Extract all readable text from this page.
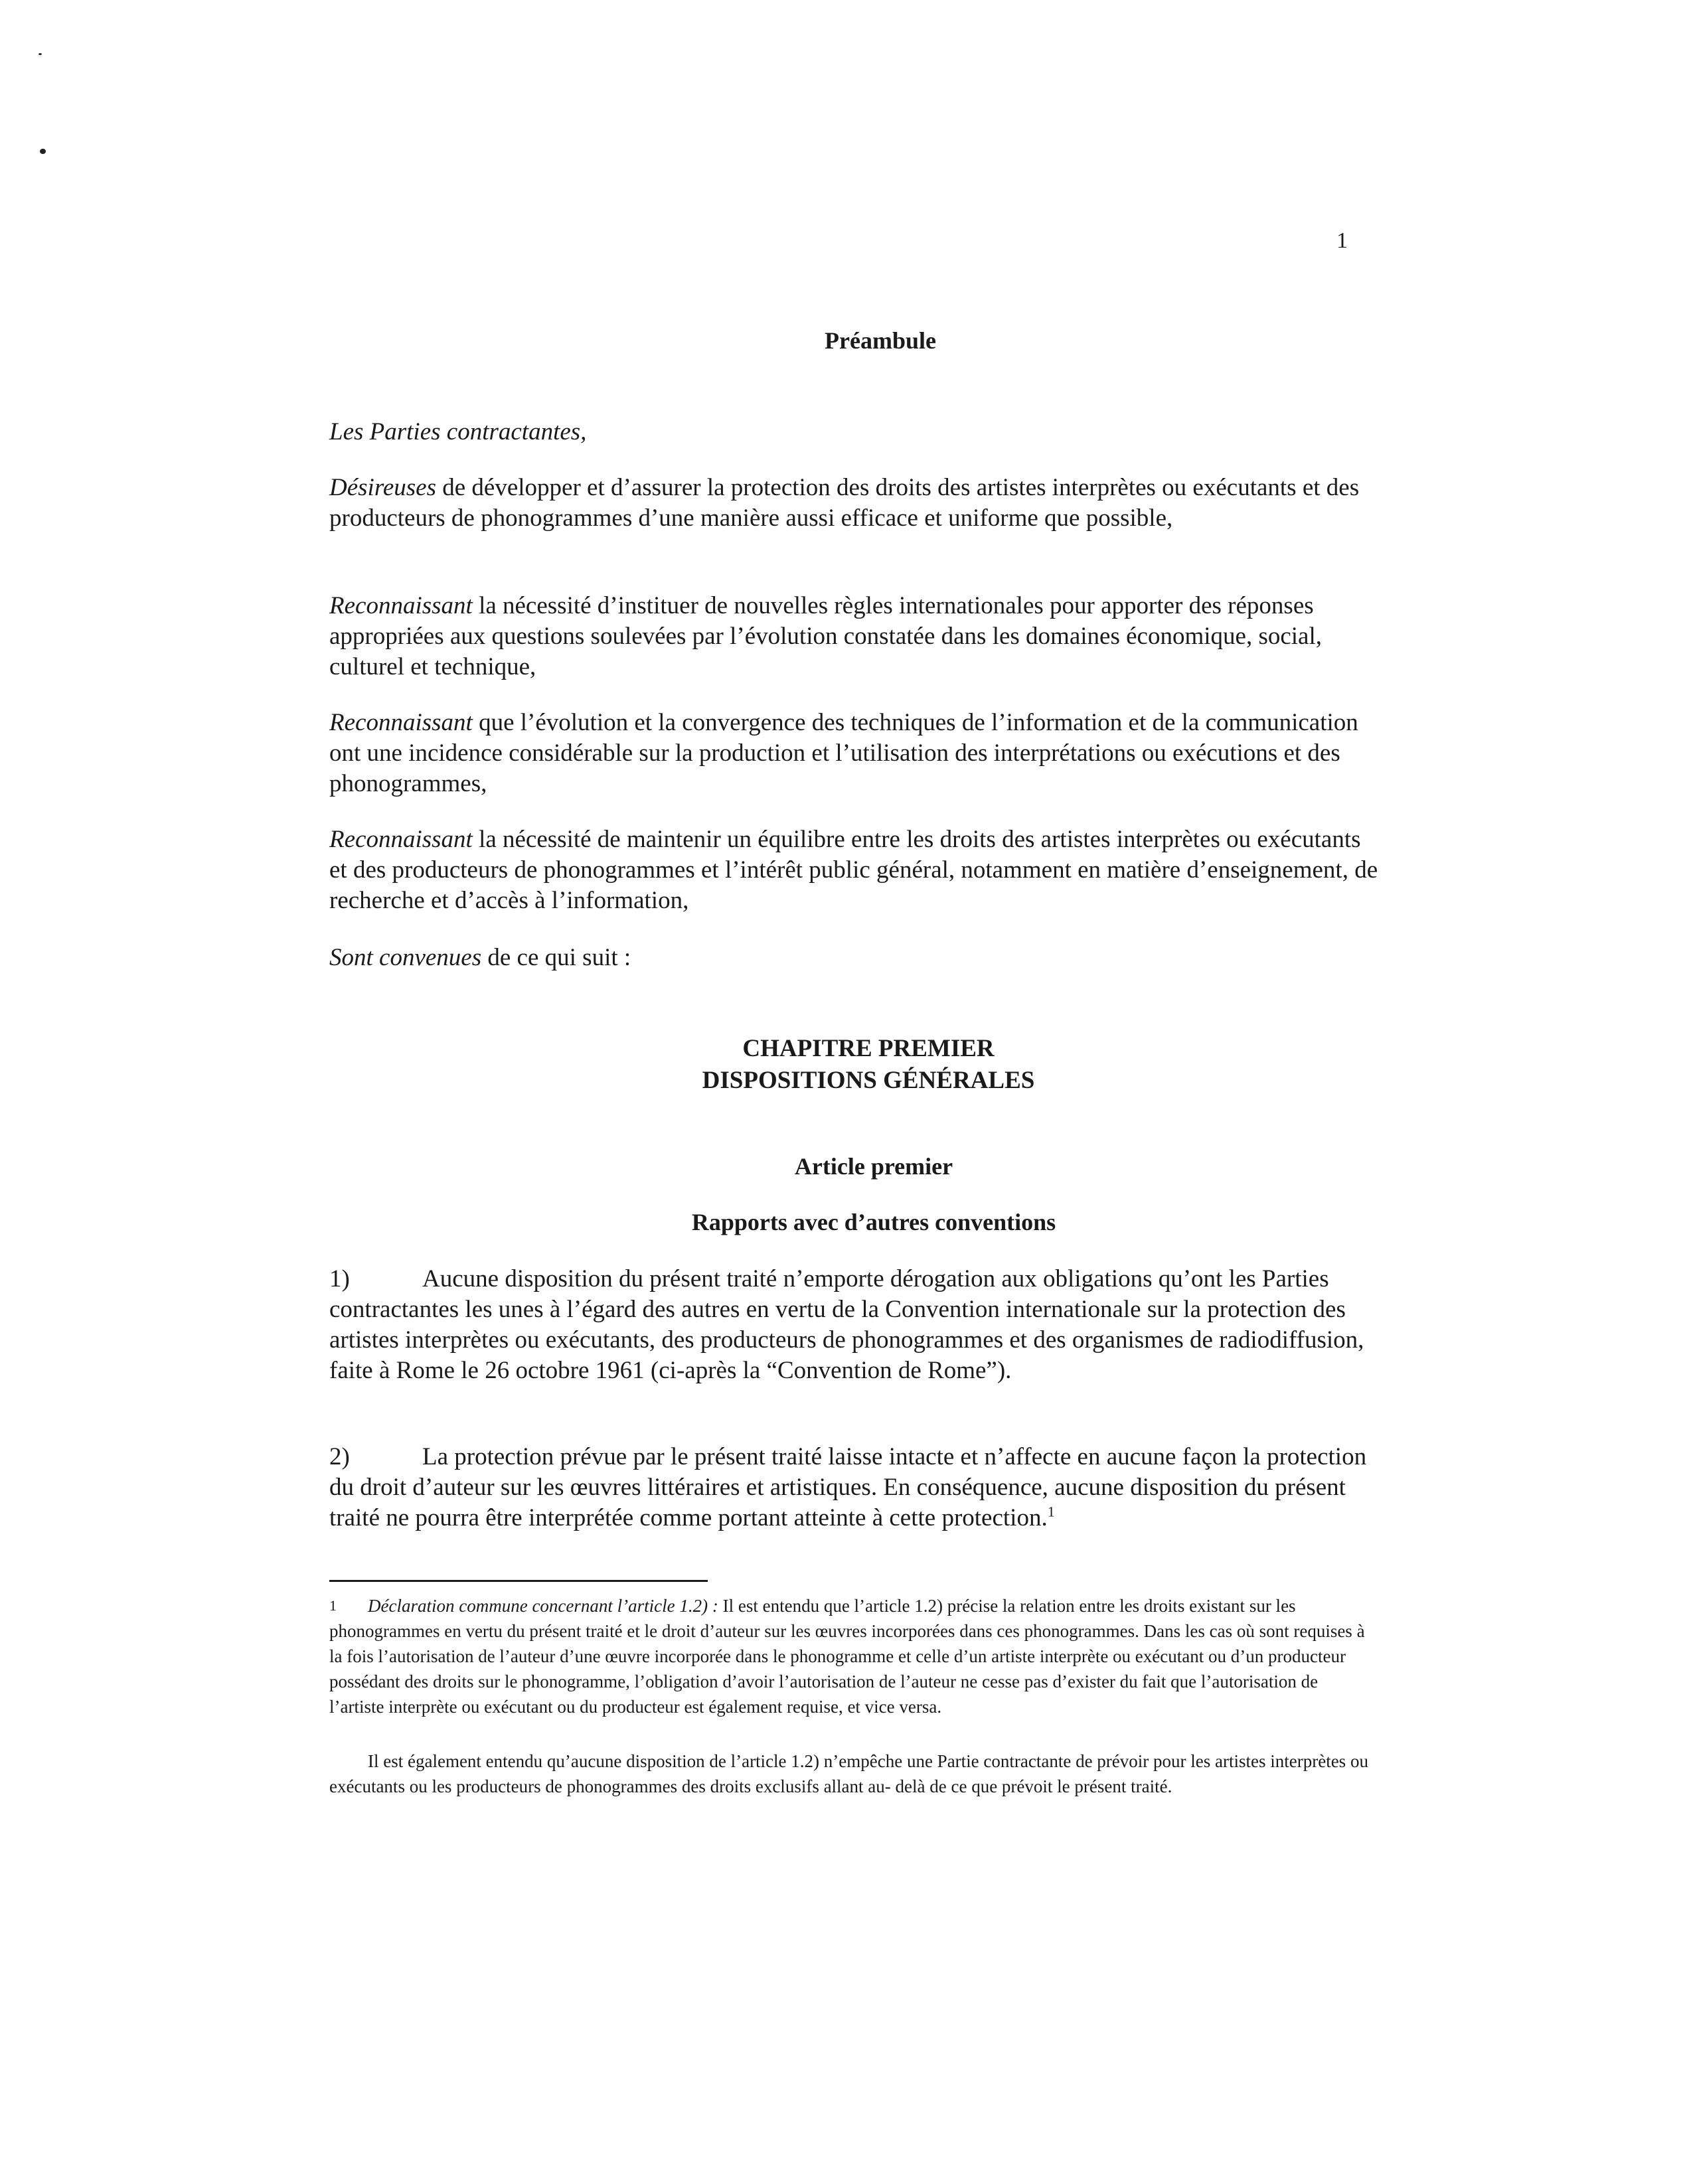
1
Préambule
Les Parties contractantes,
Désireuses de développer et d’assurer la protection des droits des artistes interprètes ou exécutants et des producteurs de phonogrammes d’une manière aussi efficace et uniforme que possible,
Reconnaissant la nécessité d’instituer de nouvelles règles internationales pour apporter des réponses appropriées aux questions soulevées par l’évolution constatée dans les domaines économique, social, culturel et technique,
Reconnaissant que l’évolution et la convergence des techniques de l’information et de la communication ont une incidence considérable sur la production et l’utilisation des interprétations ou exécutions et des phonogrammes,
Reconnaissant la nécessité de maintenir un équilibre entre les droits des artistes interprètes ou exécutants et des producteurs de phonogrammes et l’intérêt public général, notamment en matière d’enseignement, de recherche et d’accès à l’information,
Sont convenues de ce qui suit :
CHAPITRE PREMIER
DISPOSITIONS GÉNÉRALES
Article premier
Rapports avec d’autres conventions
1)	Aucune disposition du présent traité n’emporte dérogation aux obligations qu’ont les Parties contractantes les unes à l’égard des autres en vertu de la Convention internationale sur la protection des artistes interprètes ou exécutants, des producteurs de phonogrammes et des organismes de radiodiffusion, faite à Rome le 26 octobre 1961 (ci-après la “Convention de Rome”).
2)	La protection prévue par le présent traité laisse intacte et n’affecte en aucune façon la protection du droit d’auteur sur les œuvres littéraires et artistiques. En conséquence, aucune disposition du présent traité ne pourra être interprétée comme portant atteinte à cette protection.$^1$
1 Déclaration commune concernant l’article 1.2) : Il est entendu que l’article 1.2) précise la relation entre les droits existant sur les phonogrammes en vertu du présent traité et le droit d’auteur sur les œuvres incorporées dans ces phonogrammes. Dans les cas où sont requises à la fois l’autorisation de l’auteur d’une œuvre incorporée dans le phonogramme et celle d’un artiste interprète ou exécutant ou d’un producteur possédant des droits sur le phonogramme, l’obligation d’avoir l’autorisation de l’auteur ne cesse pas d’exister du fait que l’autorisation de l’artiste interprète ou exécutant ou du producteur est également requise, et vice versa.
Il est également entendu qu’aucune disposition de l’article 1.2) n’empêche une Partie contractante de prévoir pour les artistes interprètes ou exécutants ou les producteurs de phonogrammes des droits exclusifs allant au- delà de ce que prévoit le présent traité.
